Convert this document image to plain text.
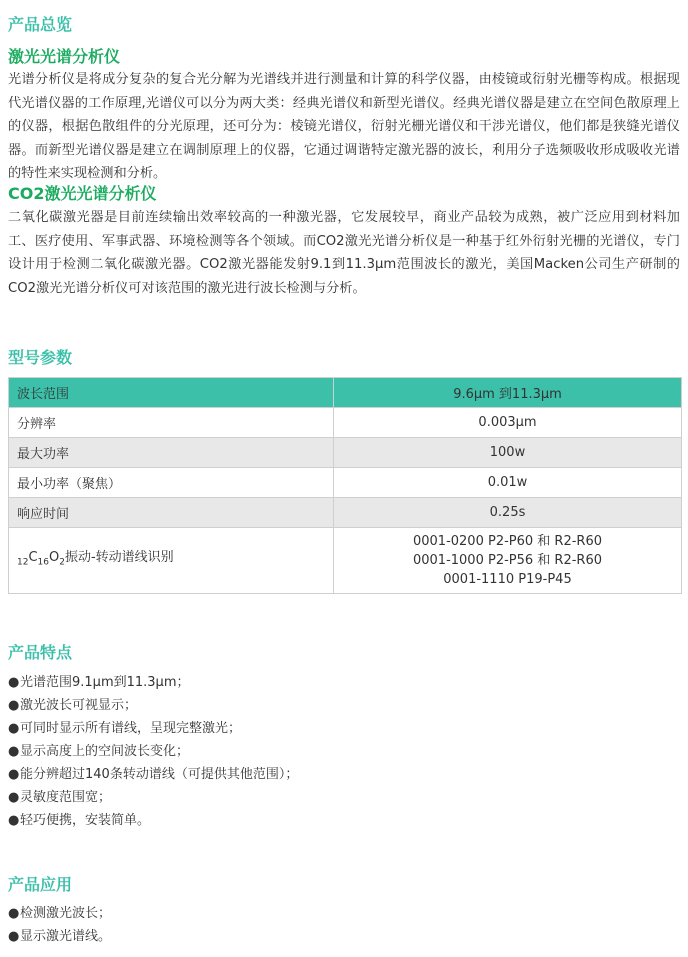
产品总览
激光光谱分析仪

光谱分析仪是将成分复杂的复合光分解为光谱线并进行测量和计算的科学仪器，由棱镜或衍射光栅等构成。根据现代光谱仪器的工作原理,光谱仪可以分为两大类：经典光谱仪和新型光谱仪。经典光谱仪器是建立在空间色散原理上的仪器，根据色散组件的分光原理，还可分为：棱镜光谱仪，衍射光栅光谱仪和干涉光谱仪，他们都是狭缝光谱仪器。而新型光谱仪器是建立在调制原理上的仪器，它通过调谐特定激光器的波长，利用分子选频吸收形成吸收光谱的特性来实现检测和分析。

CO2激光光谱分析仪

二氧化碳激光器是目前连续输出效率较高的一种激光器，它发展较早，商业产品较为成熟，被广泛应用到材料加工、医疗使用、军事武器、环境检测等各个领域。而CO2激光光谱分析仪是一种基于红外衍射光栅的光谱仪，专门设计用于检测二氧化碳激光器。CO2激光器能发射9.1到11.3μm范围波长的激光，美国Macken公司生产研制的CO2激光光谱分析仪可对该范围的激光进行波长检测与分析。

型号参数
波长范围	9.6μm 到11.3μm
分辨率	0.003μm
最大功率	100w
最小功率（聚焦）	0.01w
响应时间	0.25s
$_{12}C_{16}O_2$振动-转动谱线识别	0001-0200 P2-P60 和 R2-R60
0001-1000 P2-P56 和 R2-R60
0001-1110 P19-P45
产品特点
●光谱范围9.1μm到11.3μm；
●激光波长可视显示；
●可同时显示所有谱线，呈现完整激光；
●显示高度上的空间波长变化；
●能分辨超过140条转动谱线（可提供其他范围）；
●灵敏度范围宽；
●轻巧便携，安装简单。
产品应用
●检测激光波长；
●显示激光谱线。
